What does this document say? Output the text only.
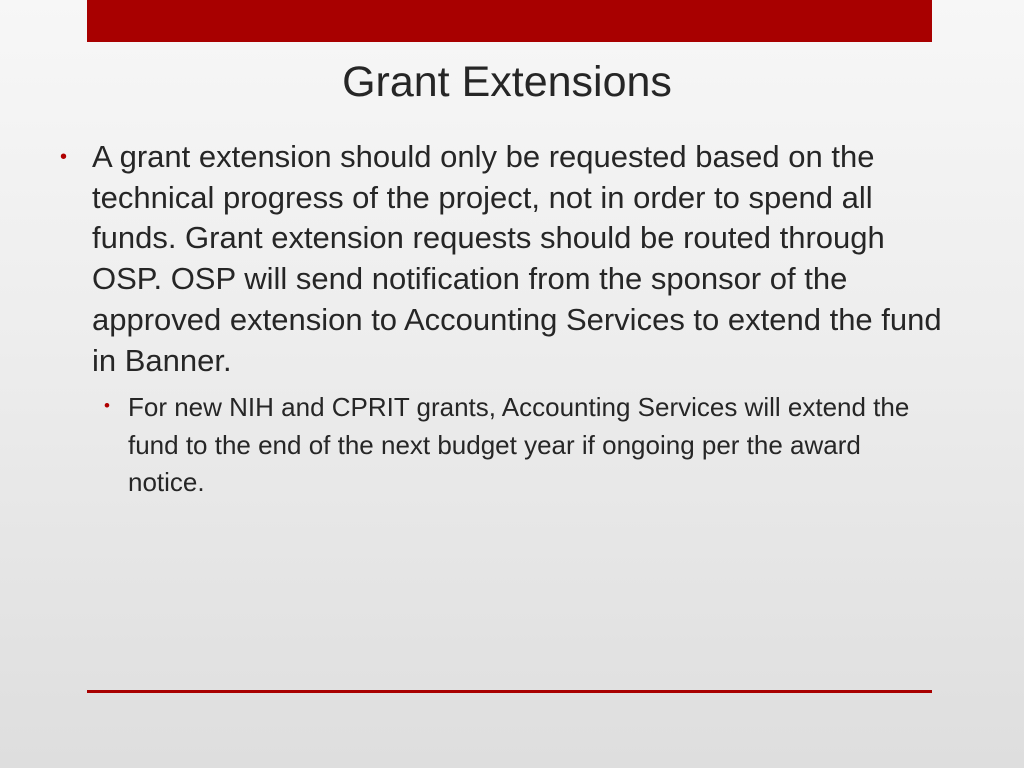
Grant Extensions
• A grant extension should only be requested based on the technical progress of the project, not in order to spend all funds. Grant extension requests should be routed through OSP. OSP will send notification from the sponsor of the approved extension to Accounting Services to extend the fund in Banner.
• For new NIH and CPRIT grants, Accounting Services will extend the fund to the end of the next budget year if ongoing per the award notice.
